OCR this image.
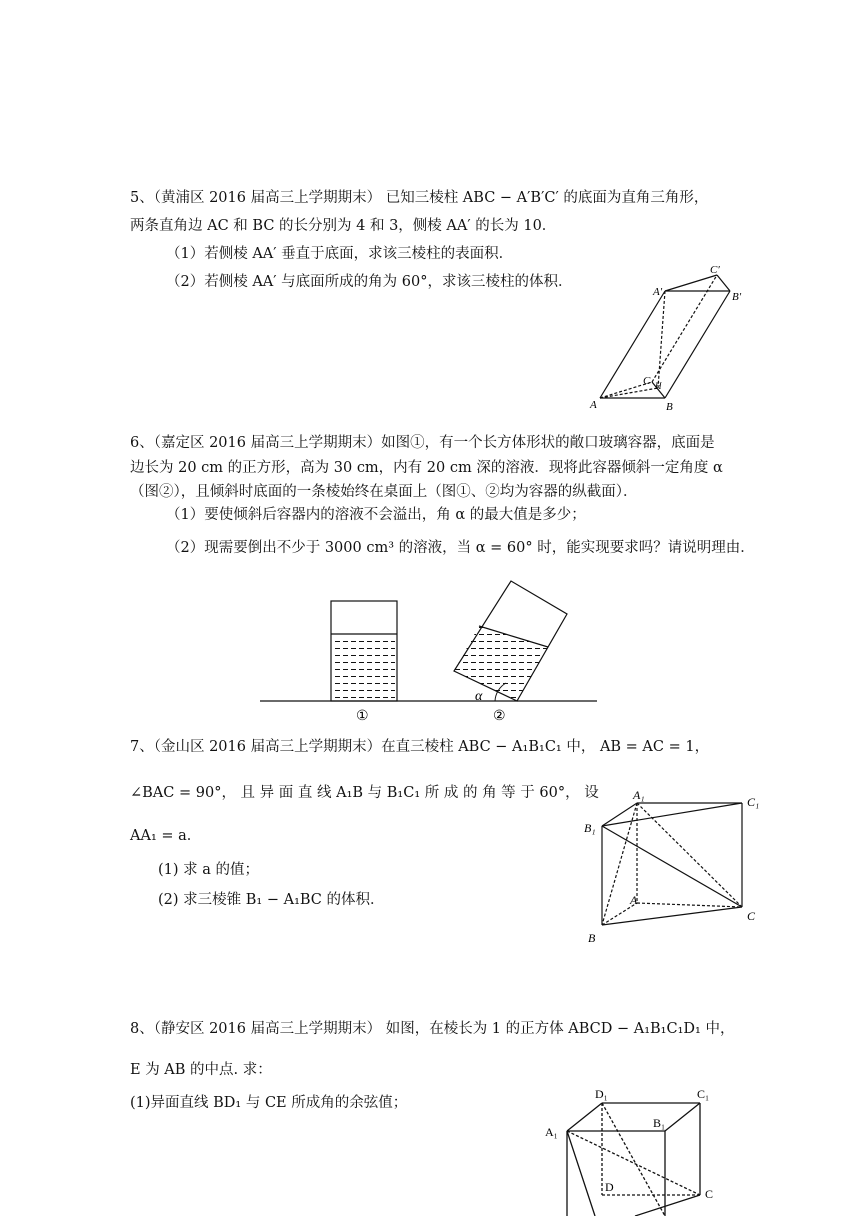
5、（黄浦区 2016 届高三上学期期末） 已知三棱柱 ABC − A′B′C′ 的底面为直角三角形，
两条直角边 AC 和 BC 的长分别为 4 和 3，侧棱 AA′ 的长为 10．
（1）若侧棱 AA′ 垂直于底面，求该三棱柱的表面积．
（2）若侧棱 AA′ 与底面所成的角为 60°，求该三棱柱的体积．
A	B
C H
A′	B′
C′
6、（嘉定区 2016 届高三上学期期末）如图①，有一个长方体形状的敞口玻璃容器，底面是
边长为 20 cm 的正方形，高为 30 cm，内有 20 cm 深的溶液．现将此容器倾斜一定角度 α
（图②），且倾斜时底面的一条棱始终在桌面上（图①、②均为容器的纵截面）．
（1）要使倾斜后容器内的溶液不会溢出，角 α 的最大值是多少；
（2）现需要倒出不少于 3000 cm³ 的溶液，当 α = 60° 时，能实现要求吗？请说明理由．
α
①	②
7、（金山区 2016 届高三上学期期末）在直三棱柱 ABC − A₁B₁C₁ 中， AB = AC = 1，
∠BAC = 90°， 且 异 面 直 线 A₁B 与 B₁C₁ 所 成 的 角 等 于 60°， 设
AA₁ = a．
(1) 求 a 的值；
(2) 求三棱锥 B₁ − A₁BC 的体积．
A₁	C₁
B₁
A
C
B
8、（静安区 2016 届高三上学期期末） 如图，在棱长为 1 的正方体 ABCD − A₁B₁C₁D₁ 中，
E 为 AB 的中点. 求：
(1)异面直线 BD₁ 与 CE 所成角的余弦值；
D₁	C₁
A₁
B₁
D	C
